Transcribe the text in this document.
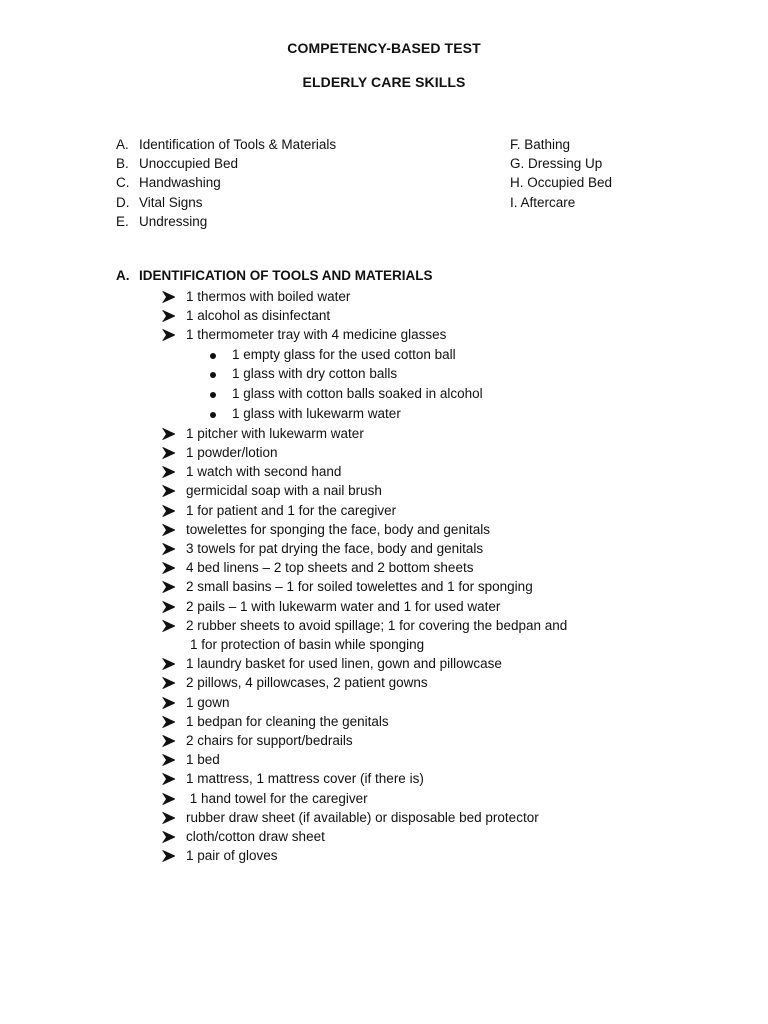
COMPETENCY-BASED TEST
ELDERLY CARE SKILLS
A. Identification of Tools & Materials
B. Unoccupied Bed
C. Handwashing
D. Vital Signs
E. Undressing
F. Bathing
G. Dressing Up
H. Occupied Bed
I. Aftercare
A. IDENTIFICATION OF TOOLS AND MATERIALS
1 thermos with boiled water
1 alcohol as disinfectant
1 thermometer tray with 4 medicine glasses
1 empty glass for the used cotton ball
1 glass with dry cotton balls
1 glass with cotton balls soaked in alcohol
1 glass with lukewarm water
1 pitcher with lukewarm water
1 powder/lotion
1 watch with second hand
germicidal soap with a nail brush
1 for patient and 1 for the caregiver
towelettes for sponging the face, body and genitals
3 towels for pat drying the face, body and genitals
4 bed linens – 2 top sheets and 2 bottom sheets
2 small basins – 1 for soiled towelettes and 1 for sponging
2 pails – 1 with lukewarm water and 1 for used water
2 rubber sheets to avoid spillage; 1 for covering the bedpan and
1 for protection of basin while sponging
1 laundry basket for used linen, gown and pillowcase
2 pillows, 4 pillowcases, 2 patient gowns
1 gown
1 bedpan for cleaning the genitals
2 chairs for support/bedrails
1 bed
1 mattress, 1 mattress cover (if there is)
1 hand towel for the caregiver
rubber draw sheet (if available) or disposable bed protector
cloth/cotton draw sheet
1 pair of gloves
